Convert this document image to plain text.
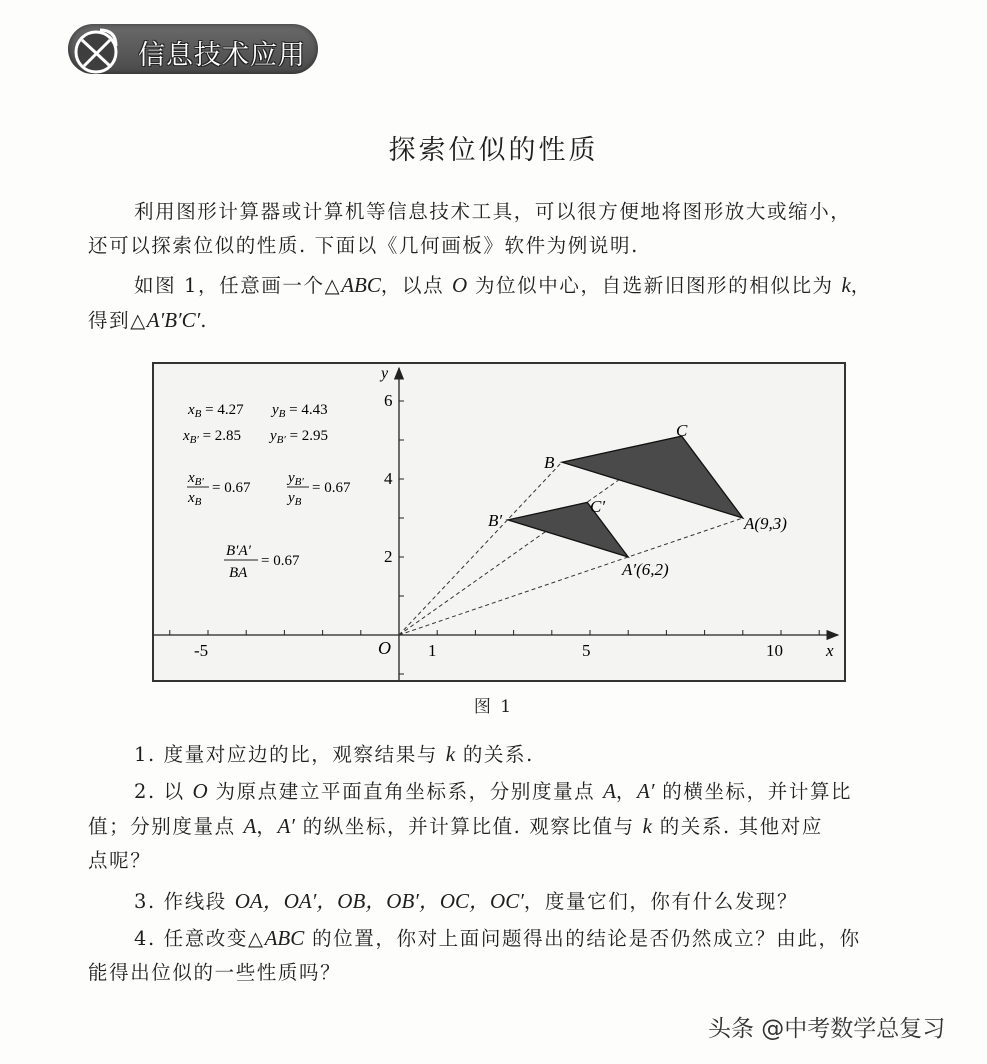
信息技术应用
探索位似的性质
利用图形计算器或计算机等信息技术工具，可以很方便地将图形放大或缩小，
还可以探索位似的性质. 下面以《几何画板》软件为例说明.
如图 1，任意画一个△ABC，以点 O 为位似中心，自选新旧图形的相似比为 k，
得到△A′B′C′.
-5	1	5	10	x
O
2
4
6
y
B
C
A(9,3)
B′
C′
A′(6,2)
$x_B = 4.27$ $y_B = 4.43$
$x_{B'} = 2.85$ $y_{B'} = 2.95$
$x_{B'}$
$x_B$
= 0.67
$y_{B'}$
$y_B$
= 0.67
B′A′
BA
= 0.67
图 1
1. 度量对应边的比，观察结果与 k 的关系.
2. 以 O 为原点建立平面直角坐标系，分别度量点 A，A′ 的横坐标，并计算比
值；分别度量点 A，A′ 的纵坐标，并计算比值. 观察比值与 k 的关系. 其他对应
点呢？
3. 作线段 OA，OA′，OB，OB′，OC，OC′，度量它们，你有什么发现？
4. 任意改变△ABC 的位置，你对上面问题得出的结论是否仍然成立？由此，你
能得出位似的一些性质吗？
头条 @中考数学总复习
